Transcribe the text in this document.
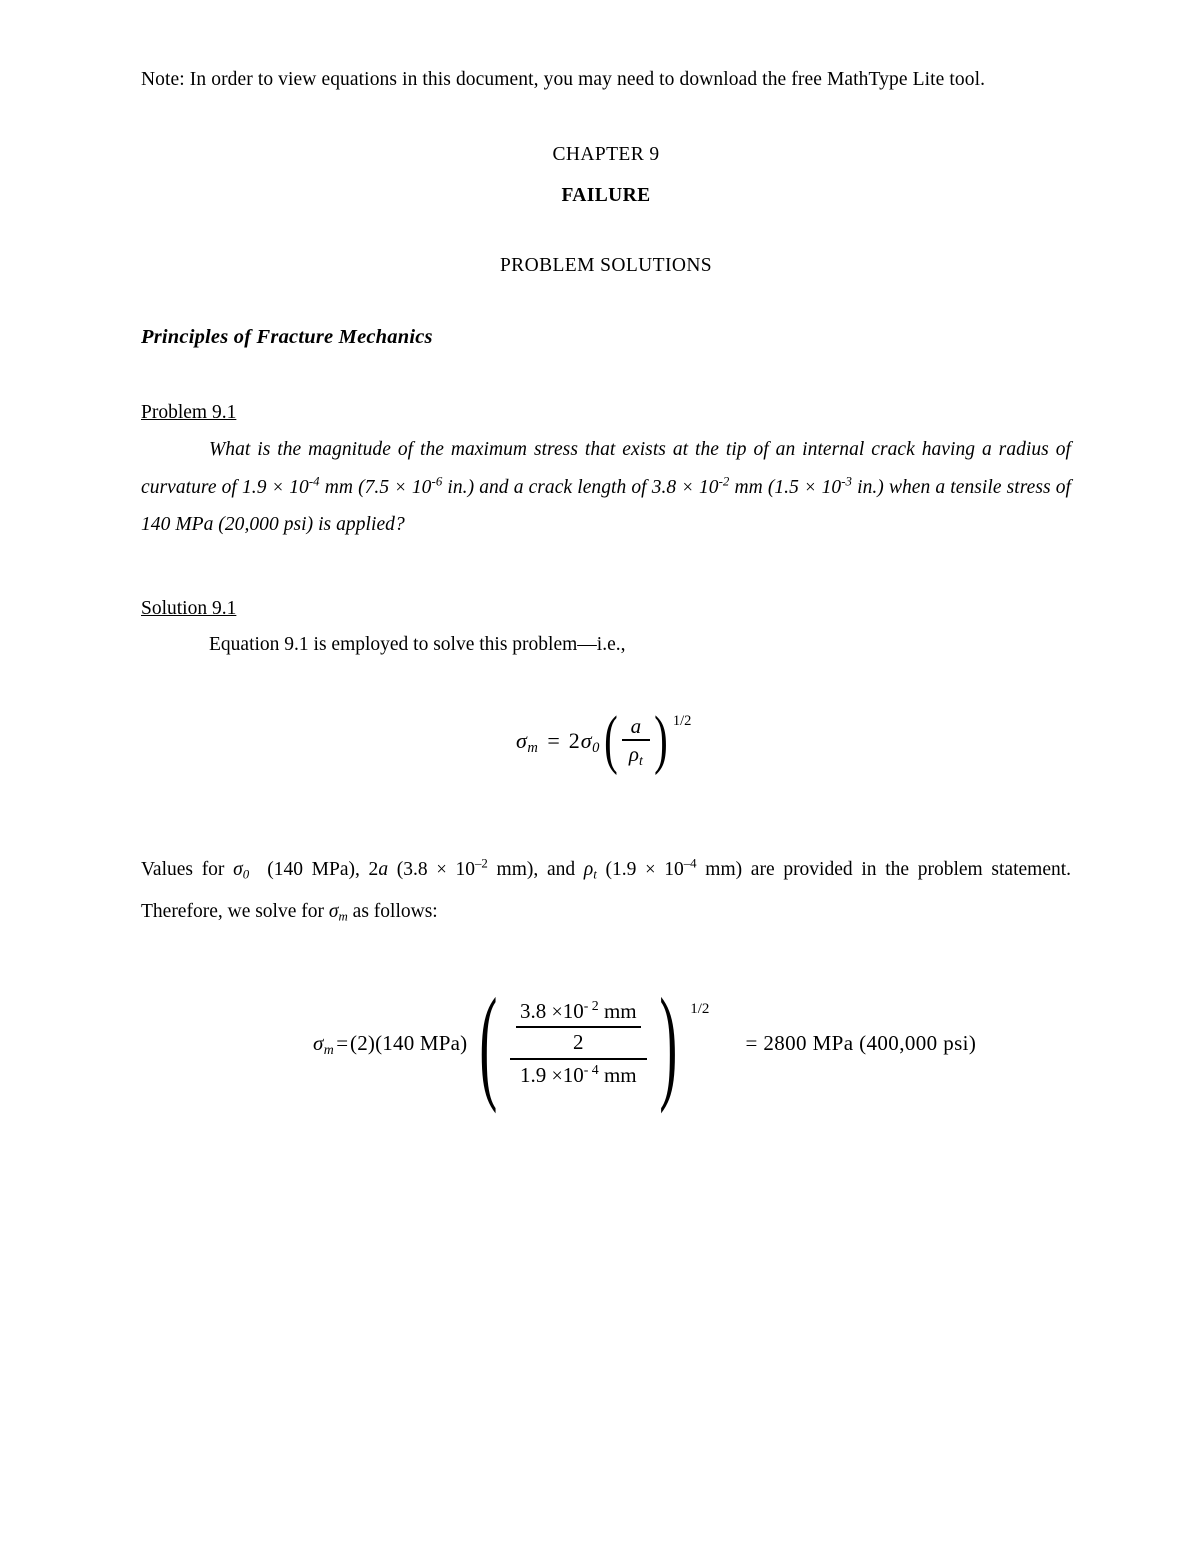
Note: In order to view equations in this document, you may need to download the free MathType Lite tool.
CHAPTER 9
FAILURE
PROBLEM SOLUTIONS
Principles of Fracture Mechanics
Problem 9.1
What is the magnitude of the maximum stress that exists at the tip of an internal crack having a radius of curvature of $1.9 \times 10^{-4}$ mm ($7.5 \times 10^{-6}$ in.) and a crack length of $3.8 \times 10^{-2}$ mm ($1.5 \times 10^{-3}$ in.) when a tensile stress of 140 MPa (20,000 psi) is applied?
Solution 9.1
Equation 9.1 is employed to solve this problem—i.e.,
$\sigma_m = 2$ $\sigma_0$ ( $\frac{a}{\rho_t}$ ) 1/2
Values for $\sigma_0$ (140 MPa), 2a ($3.8 \times 10^{-2}$ mm), and $\rho_t$ ($1.9 \times 10^{-4}$ mm) are provided in the problem statement. Therefore, we solve for $\sigma_m$ as follows:
$\sigma_m = (2)(140$ MPa) ( $\frac{\frac{3.8 \times 10^{- 2} mm}{2}}{1.9 \times 10^{- 4} mm}$ ) 1/2
= 2800 MPa (400,000 psi)
